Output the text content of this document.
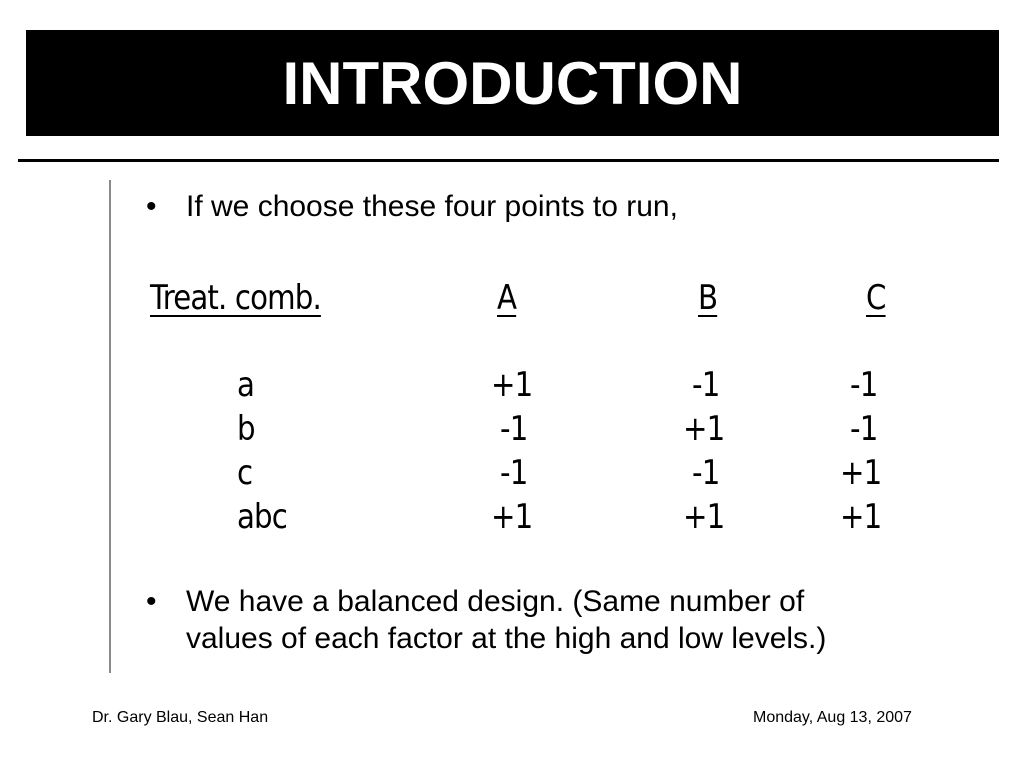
INTRODUCTION
• If we choose these four points to run,
• We have a balanced design. (Same number of
values of each factor at the high and low levels.)
Treat. comb.	A	B	C
a	+1	-1	-1
b	-1	+1	-1
c	-1	-1	+1
abc	+1	+1	+1
Dr. Gary Blau, Sean Han	Monday, Aug 13, 2007
